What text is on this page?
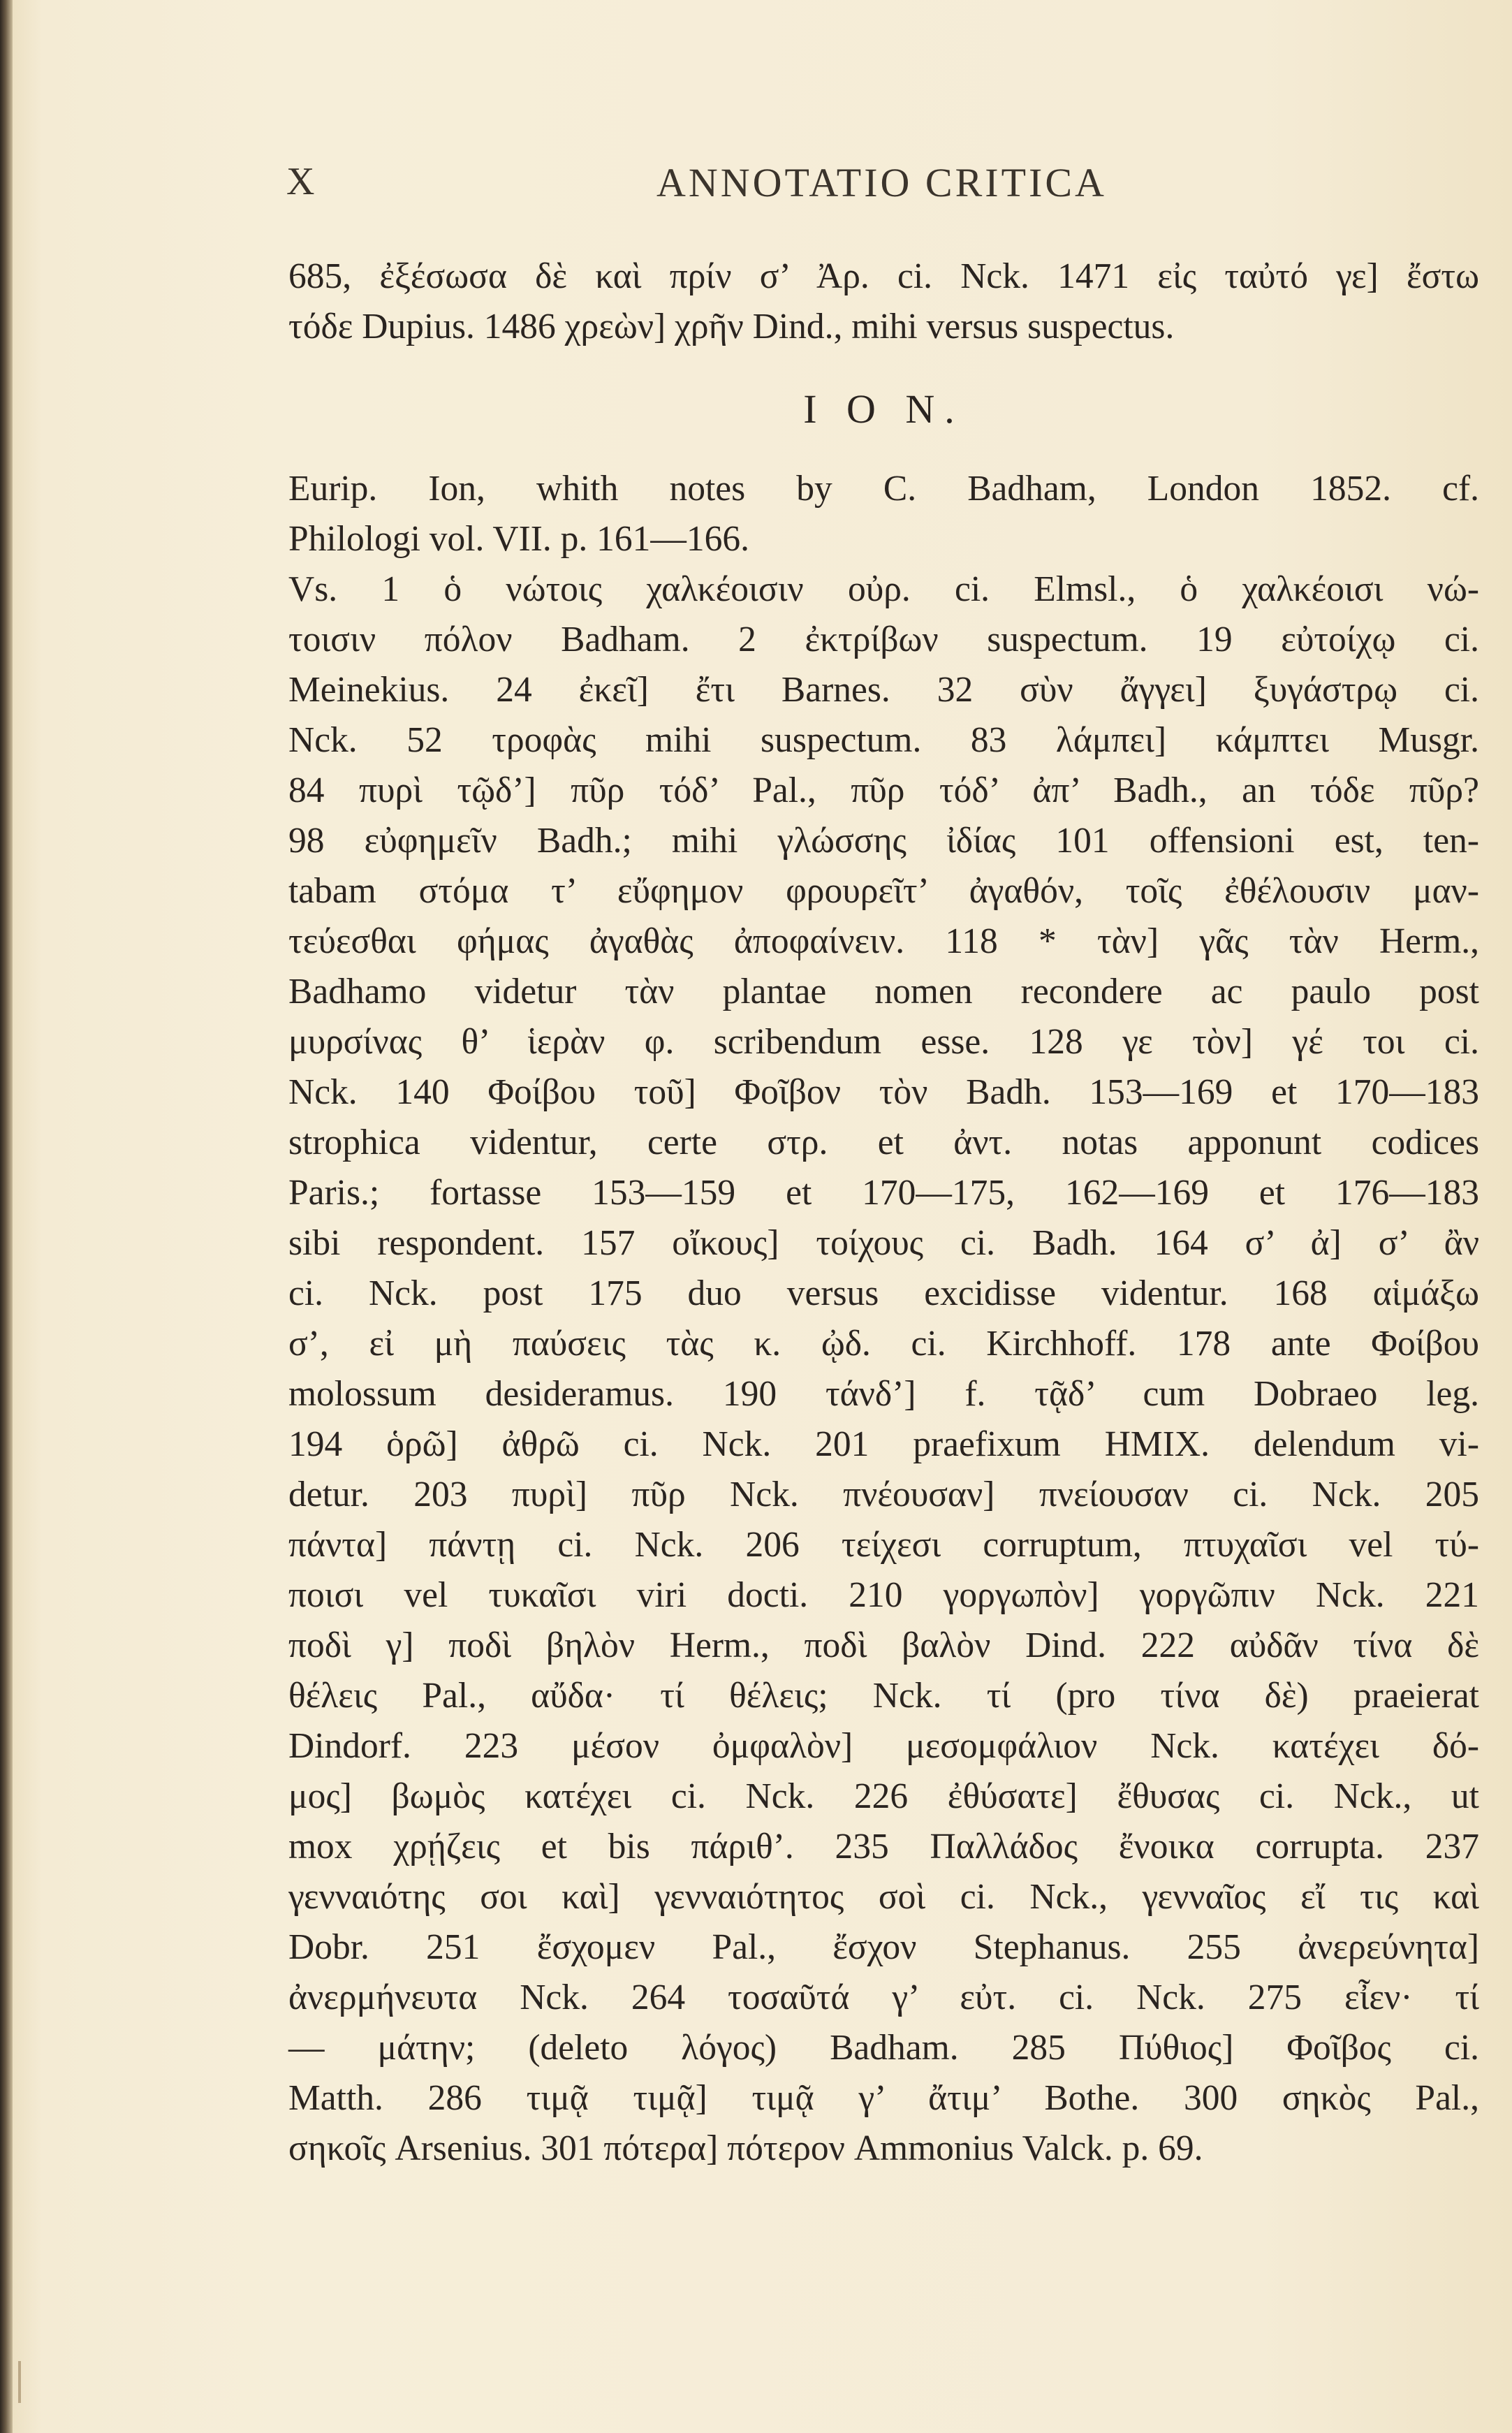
X	ANNOTATIO CRITICA
685, ἐξέσωσα δὲ καὶ πρίν σ’ Ἀρ. ci. Nck. 1471 εἰς ταὐτό γε] ἔστω
τόδε Dupius. 1486 χρεὼν] χρῆν Dind., mihi versus suspectus.
I O N.
Eurip. Ion, whith notes by C. Badham, London 1852. cf.
Philologi vol. VII. p. 161—166.
Vs. 1 ὁ νώτοις χαλκέοισιν οὐρ. ci. Elmsl., ὁ χαλκέοισι νώ-
τοισιν πόλον Badham. 2 ἐκτρίβων suspectum. 19 εὐτοίχῳ ci.
Meinekius. 24 ἐκεῖ] ἔτι Barnes. 32 σὺν ἄγγει] ξυγάστρῳ ci.
Nck. 52 τροφὰς mihi suspectum. 83 λάμπει] κάμπτει Musgr.
84 πυρὶ τῷδ’] πῦρ τόδ’ Pal., πῦρ τόδ’ ἀπ’ Badh., an τόδε πῦρ?
98 εὐφημεῖν Badh.; mihi γλώσσης ἰδίας 101 offensioni est, ten-
tabam στόμα τ’ εὔφημον φρουρεῖτ’ ἀγαθόν, τοῖς ἐθέλουσιν μαν-
τεύεσθαι φήμας ἀγαθὰς ἀποφαίνειν. 118 * τὰν] γᾶς τὰν Herm.,
Badhamo videtur τὰν plantae nomen recondere ac paulo post
μυρσίνας θ’ ἱερὰν φ. scribendum esse. 128 γε τὸν] γέ τοι ci.
Nck. 140 Φοίβου τοῦ] Φοῖβον τὸν Badh. 153—169 et 170—183
strophica videntur, certe στρ. et ἀντ. notas apponunt codices
Paris.; fortasse 153—159 et 170—175, 162—169 et 176—183
sibi respondent. 157 οἴκους] τοίχους ci. Badh. 164 σ’ ἀ] σ’ ἂν
ci. Nck. post 175 duo versus excidisse videntur. 168 αἱμάξω
σ’, εἰ μὴ παύσεις τὰς κ. ᾠδ. ci. Kirchhoff. 178 ante Φοίβου
molossum desideramus. 190 τάνδ’] f. τᾷδ’ cum Dobraeo leg.
194 ὁρῶ] ἀθρῶ ci. Nck. 201 praefixum ΗΜΙΧ. delendum vi-
detur. 203 πυρὶ] πῦρ Nck. πνέουσαν] πνείουσαν ci. Nck. 205
πάντα] πάντῃ ci. Nck. 206 τείχεσι corruptum, πτυχαῖσι vel τύ-
ποισι vel τυκαῖσι viri docti. 210 γοργωπὸν] γοργῶπιν Nck. 221
ποδὶ γ] ποδὶ βηλὸν Herm., ποδὶ βαλὸν Dind. 222 αὐδᾶν τίνα δὲ
θέλεις Pal., αὔδα· τί θέλεις; Nck. τί (pro τίνα δὲ) praeierat
Dindorf. 223 μέσον ὀμφαλὸν] μεσομφάλιον Nck. κατέχει δό-
μος] βωμὸς κατέχει ci. Nck. 226 ἐθύσατε] ἔθυσας ci. Nck., ut
mox χρῄζεις et bis πάριθ’. 235 Παλλάδος ἔνοικα corrupta. 237
γενναιότης σοι καὶ] γενναιότητος σοὶ ci. Nck., γενναῖος εἴ τις καὶ
Dobr. 251 ἔσχομεν Pal., ἔσχον Stephanus. 255 ἀνερεύνητα]
ἀνερμήνευτα Nck. 264 τοσαῦτά γ’ εὐτ. ci. Nck. 275 εἶεν· τί
— μάτην; (deleto λόγος) Badham. 285 Πύθιος] Φοῖβος ci.
Matth. 286 τιμᾷ τιμᾷ] τιμᾷ γ’ ἄτιμ’ Bothe. 300 σηκὸς Pal.,
σηκοῖς Arsenius. 301 πότερα] πότερον Ammonius Valck. p. 69.
